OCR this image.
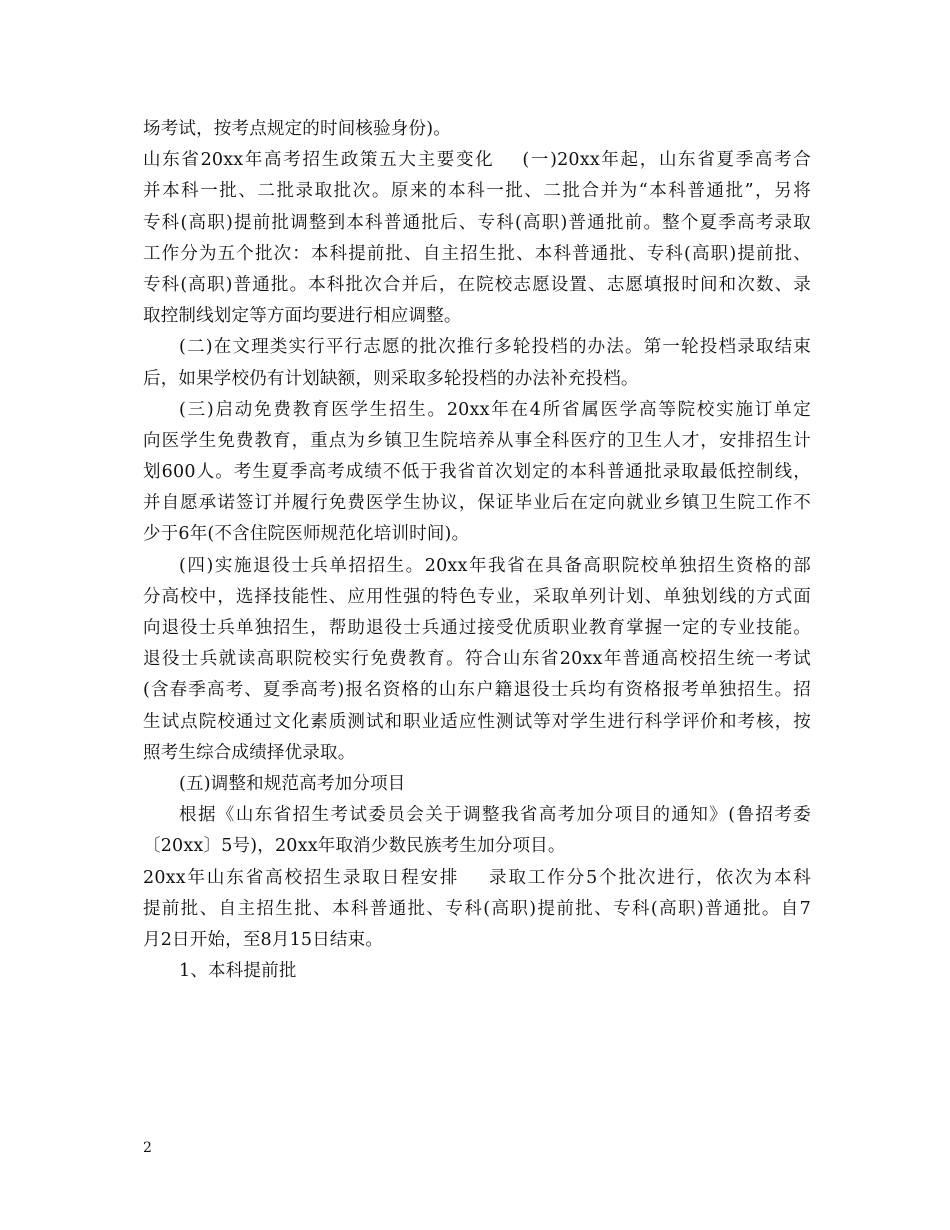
场考试，按考点规定的时间核验身份)。
山东省20xx年高考招生政策五大主要变化 (一)20xx年起，山东省夏季高考合
并本科一批、二批录取批次。原来的本科一批、二批合并为“本科普通批”，另将
专科(高职)提前批调整到本科普通批后、专科(高职)普通批前。整个夏季高考录取
工作分为五个批次：本科提前批、自主招生批、本科普通批、专科(高职)提前批、
专科(高职)普通批。本科批次合并后，在院校志愿设置、志愿填报时间和次数、录
取控制线划定等方面均要进行相应调整。
(二)在文理类实行平行志愿的批次推行多轮投档的办法。第一轮投档录取结束
后，如果学校仍有计划缺额，则采取多轮投档的办法补充投档。
(三)启动免费教育医学生招生。20xx年在4所省属医学高等院校实施订单定
向医学生免费教育，重点为乡镇卫生院培养从事全科医疗的卫生人才，安排招生计
划600人。考生夏季高考成绩不低于我省首次划定的本科普通批录取最低控制线，
并自愿承诺签订并履行免费医学生协议，保证毕业后在定向就业乡镇卫生院工作不
少于6年(不含住院医师规范化培训时间)。
(四)实施退役士兵单招招生。20xx年我省在具备高职院校单独招生资格的部
分高校中，选择技能性、应用性强的特色专业，采取单列计划、单独划线的方式面
向退役士兵单独招生，帮助退役士兵通过接受优质职业教育掌握一定的专业技能。
退役士兵就读高职院校实行免费教育。符合山东省20xx年普通高校招生统一考试
(含春季高考、夏季高考)报名资格的山东户籍退役士兵均有资格报考单独招生。招
生试点院校通过文化素质测试和职业适应性测试等对学生进行科学评价和考核，按
照考生综合成绩择优录取。
(五)调整和规范高考加分项目
根据《山东省招生考试委员会关于调整我省高考加分项目的通知》(鲁招考委
〔20xx〕5号)，20xx年取消少数民族考生加分项目。
20xx年山东省高校招生录取日程安排 录取工作分5个批次进行，依次为本科
提前批、自主招生批、本科普通批、专科(高职)提前批、专科(高职)普通批。自7
月2日开始，至8月15日结束。
1、本科提前批
2
